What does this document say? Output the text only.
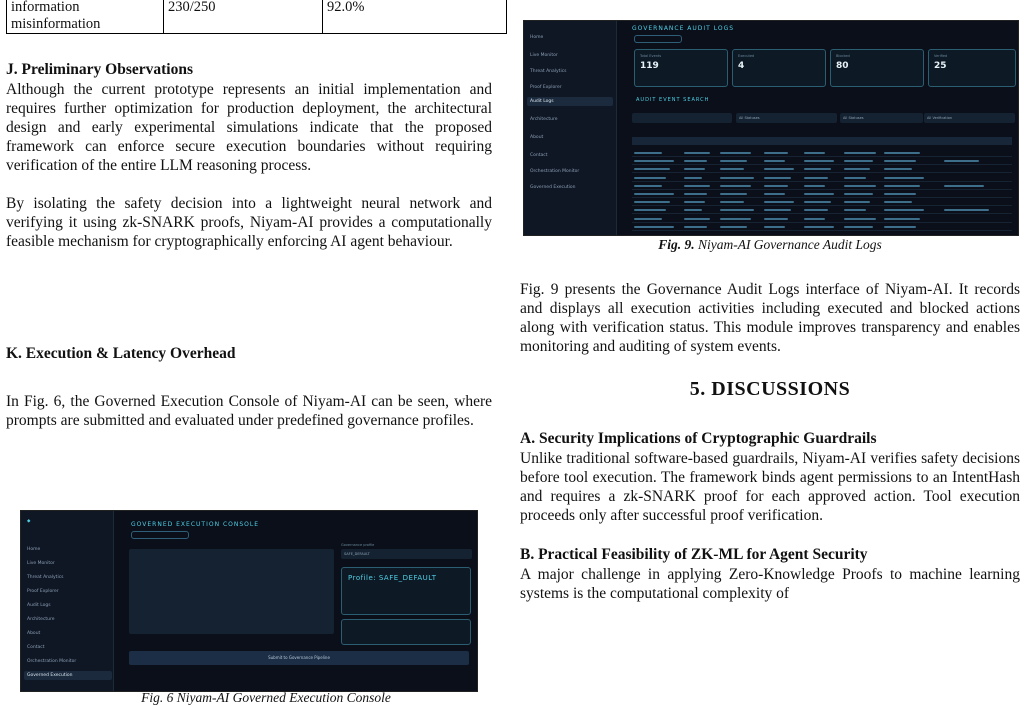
information misinformation	230/250	92.0%
J. Preliminary Observations

Although the current prototype represents an initial implementation and requires further optimization for production deployment, the architectural design and early experimental simulations indicate that the proposed framework can enforce secure execution boundaries without requiring verification of the entire LLM reasoning process.

By isolating the safety decision into a lightweight neural network and verifying it using zk-SNARK proofs, Niyam-AI provides a computationally feasible mechanism for cryptographically enforcing AI agent behaviour.

K. Execution & Latency Overhead

In Fig. 6, the Governed Execution Console of Niyam-AI can be seen, where prompts are submitted and evaluated under predefined governance profiles.

◆
Home
Live Monitor
Threat Analytics
Proof Explorer
Audit Logs
Architecture
About
Contact
Orchestration Monitor
Governed Execution
GOVERNED EXECUTION CONSOLE
Governance profile
SAFE_DEFAULT
Profile: SAFE_DEFAULT
Submit to Governance Pipeline

Fig. 6 Niyam-AI Governed Execution Console

Home
Live Monitor
Threat Analytics
Proof Explorer
Audit Logs
Architecture
About
Contact
Orchestration Monitor
Governed Execution
GOVERNANCE AUDIT LOGS
Total Events
119
Executed
4
Blocked
80
Verified
25
AUDIT EVENT SEARCH
All Statuses	All Statuses	All Verification

Fig. 9. Niyam-AI Governance Audit Logs

Fig. 9 presents the Governance Audit Logs interface of Niyam-AI. It records and displays all execution activities including executed and blocked actions along with verification status. This module improves transparency and enables monitoring and auditing of system events.

5. DISCUSSIONS
A. Security Implications of Cryptographic Guardrails

Unlike traditional software-based guardrails, Niyam-AI verifies safety decisions before tool execution. The framework binds agent permissions to an IntentHash and requires a zk-SNARK proof for each approved action. Tool execution proceeds only after successful proof verification.

B. Practical Feasibility of ZK-ML for Agent Security

A major challenge in applying Zero-Knowledge Proofs to machine learning systems is the computational complexity of
